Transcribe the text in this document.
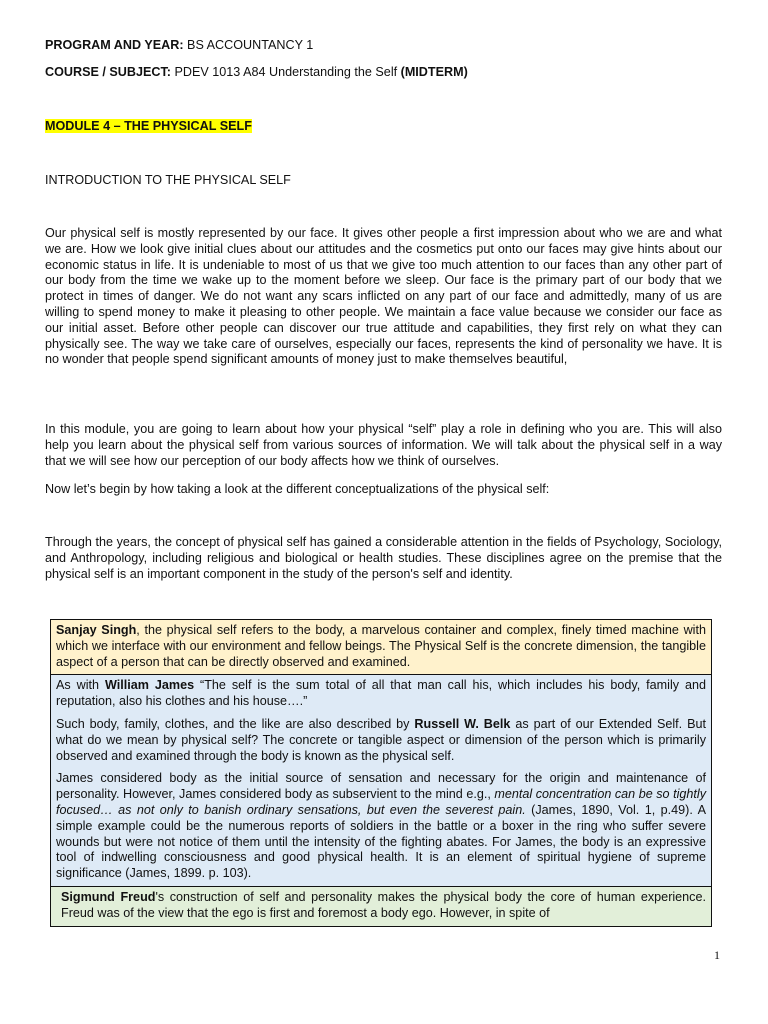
PROGRAM AND YEAR: BS ACCOUNTANCY 1
COURSE / SUBJECT: PDEV 1013 A84 Understanding the Self (MIDTERM)
MODULE 4 – THE PHYSICAL SELF
INTRODUCTION TO THE PHYSICAL SELF

Our physical self is mostly represented by our face. It gives other people a first impression about who we are and what we are. How we look give initial clues about our attitudes and the cosmetics put onto our faces may give hints about our economic status in life. It is undeniable to most of us that we give too much attention to our faces than any other part of our body from the time we wake up to the moment before we sleep. Our face is the primary part of our body that we protect in times of danger. We do not want any scars inflicted on any part of our face and admittedly, many of us are willing to spend money to make it pleasing to other people. We maintain a face value because we consider our face as our initial asset. Before other people can discover our true attitude and capabilities, they first rely on what they can physically see. The way we take care of ourselves, especially our faces, represents the kind of personality we have. It is no wonder that people spend significant amounts of money just to make themselves beautiful,

In this module, you are going to learn about how your physical “self” play a role in defining who you are. This will also help you learn about the physical self from various sources of information. We will talk about the physical self in a way that we will see how our perception of our body affects how we think of ourselves.

Now let’s begin by how taking a look at the different conceptualizations of the physical self:

Through the years, the concept of physical self has gained a considerable attention in the fields of Psychology, Sociology, and Anthropology, including religious and biological or health studies. These disciplines agree on the premise that the physical self is an important component in the study of the person's self and identity.

Sanjay Singh, the physical self refers to the body, a marvelous container and complex, finely timed machine with which we interface with our environment and fellow beings. The Physical Self is the concrete dimension, the tangible aspect of a person that can be directly observed and examined.

As with William James “The self is the sum total of all that man call his, which includes his body, family and reputation, also his clothes and his house….”

Such body, family, clothes, and the like are also described by Russell W. Belk as part of our Extended Self. But what do we mean by physical self? The concrete or tangible aspect or dimension of the person which is primarily observed and examined through the body is known as the physical self.

James considered body as the initial source of sensation and necessary for the origin and maintenance of personality. However, James considered body as subservient to the mind e.g., mental concentration can be so tightly focused… as not only to banish ordinary sensations, but even the severest pain. (James, 1890, Vol. 1, p.49). A simple example could be the numerous reports of soldiers in the battle or a boxer in the ring who suffer severe wounds but were not notice of them until the intensity of the fighting abates. For James, the body is an expressive tool of indwelling consciousness and good physical health. It is an element of spiritual hygiene of supreme significance (James, 1899. p. 103).

Sigmund Freud's construction of self and personality makes the physical body the core of human experience. Freud was of the view that the ego is first and foremost a body ego. However, in spite of
1
